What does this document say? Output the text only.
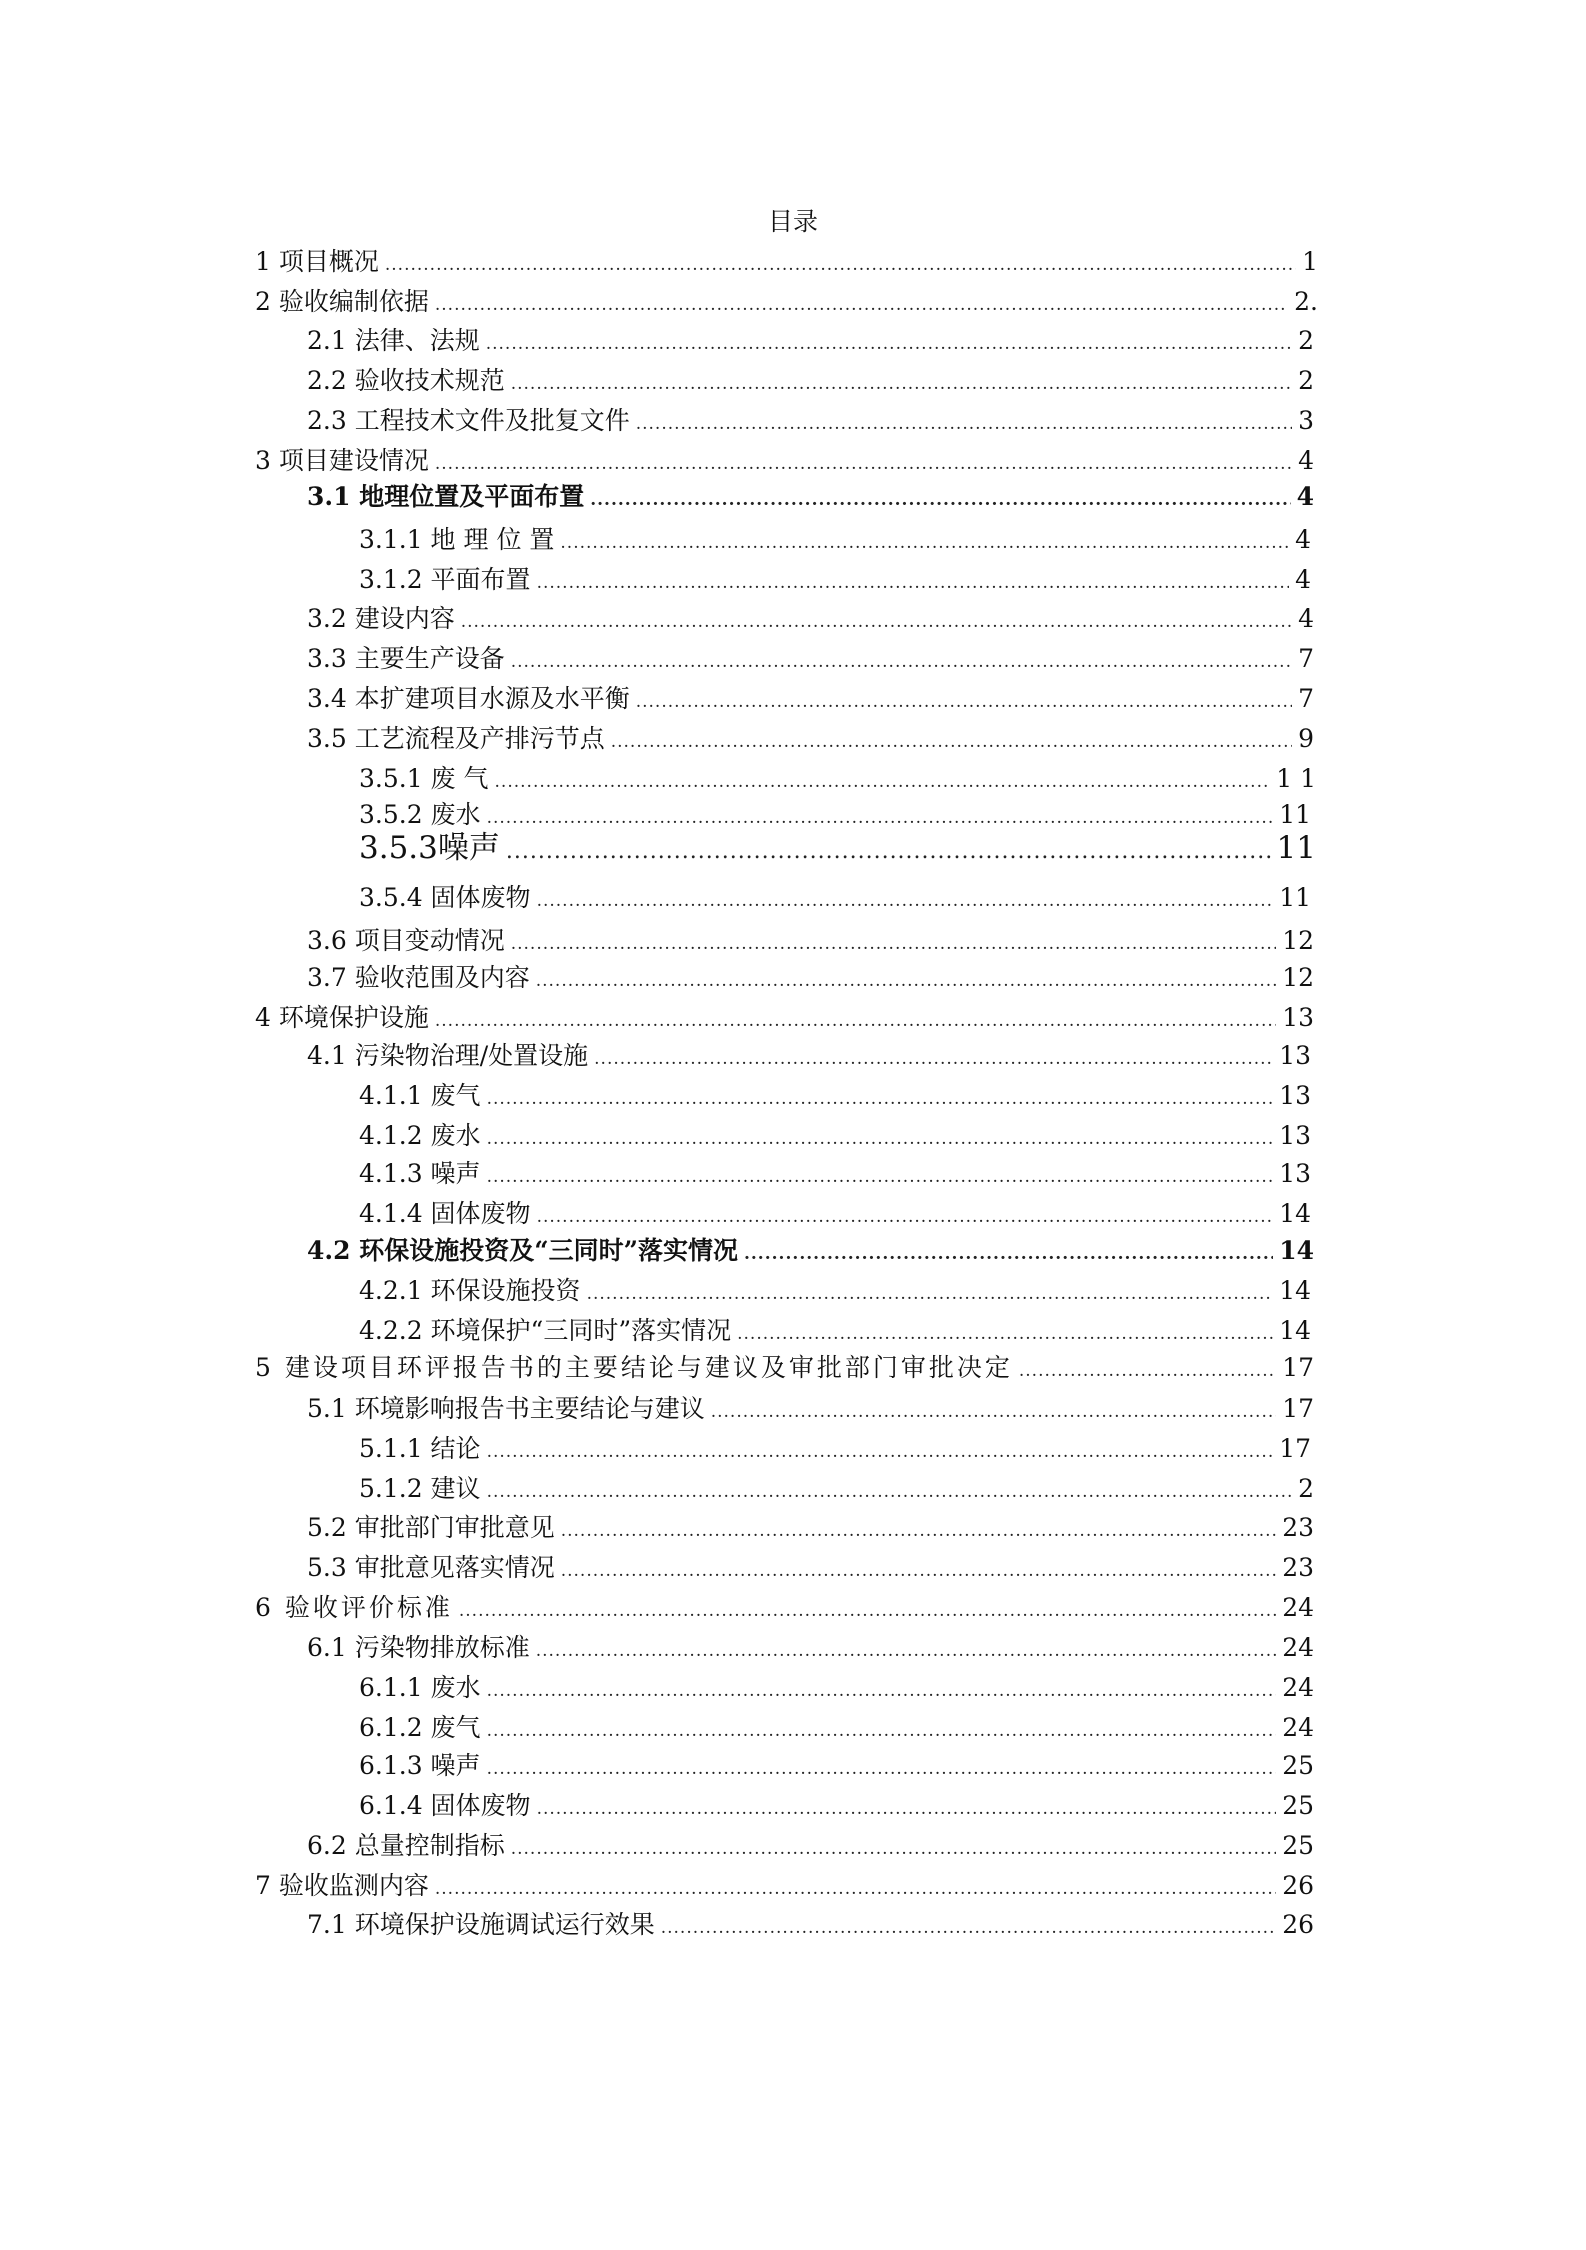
目录
1 项目概况 .....	1
2 验收编制依据 .....	2.
2.1 法律、法规 .....	2
2.2 验收技术规范 .....	2
2.3 工程技术文件及批复文件 .....	3
3 项目建设情况 .....	4
3.1 地理位置及平面布置 .....	4
3.1.1 地 理 位 置 .....	4
3.1.2 平面布置 .....	4
3.2 建设内容 .....	4
3.3 主要生产设备 .....	7
3.4 本扩建项目水源及水平衡 .....	7
3.5 工艺流程及产排污节点 .....	9
3.5.1 废 气 .....	1 1
3.5.2 废水 .....	11
3.5.3噪声 .....	11
3.5.4 固体废物 .....	11
3.6 项目变动情况 .....	12
3.7 验收范围及内容 .....	12
4 环境保护设施 .....	13
4.1 污染物治理/处置设施 .....	13
4.1.1 废气 .....	13
4.1.2 废水 .....	13
4.1.3 噪声 .....	13
4.1.4 固体废物 .....	14
4.2 环保设施投资及“三同时”落实情况 .....	14
4.2.1 环保设施投资 .....	14
4.2.2 环境保护“三同时”落实情况 .....	14
5 建设项目环评报告书的主要结论与建议及审批部门审批决定 .....	17
5.1 环境影响报告书主要结论与建议 .....	17
5.1.1 结论 .....	17
5.1.2 建议 .....	2
5.2 审批部门审批意见 .....	23
5.3 审批意见落实情况 .....	23
6 验收评价标准 .....	24
6.1 污染物排放标准 .....	24
6.1.1 废水 .....	24
6.1.2 废气 .....	24
6.1.3 噪声 .....	25
6.1.4 固体废物 .....	25
6.2 总量控制指标 .....	25
7 验收监测内容 .....	26
7.1 环境保护设施调试运行效果 .....	26
